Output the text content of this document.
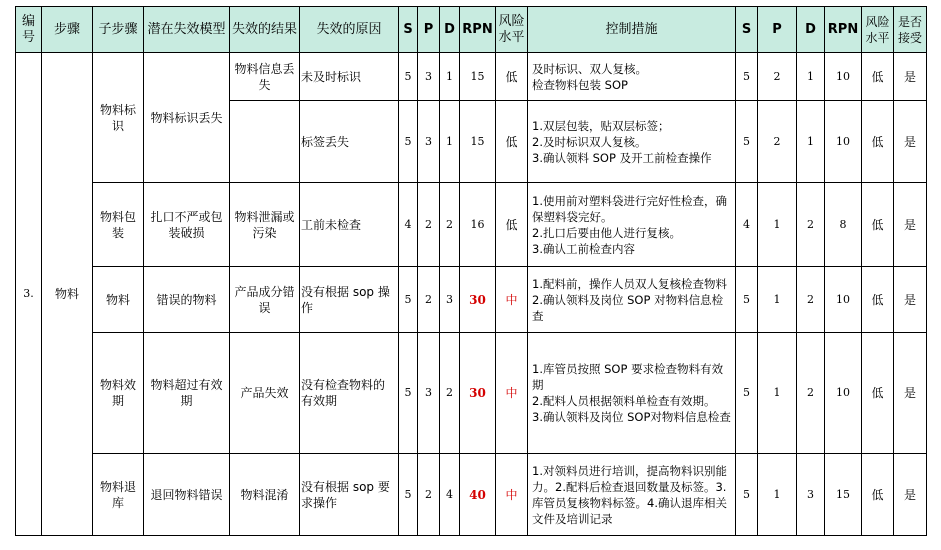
编号	步骤	子步骤	潜在失效模型	失效的结果	失效的原因	S	P	D	RPN	风险水平	控制措施	S	P	D	RPN	风险水平	是否接受
3.	物料	物料标识	物料标识丢失	物料信息丢失	未及时标识	5	3	1	15	低	及时标识、双人复核。
检查物料包装 SOP	5	2	1	10	低	是
					标签丢失	5	3	1	15	低	1.双层包装，贴双层标签；
2.及时标识双人复核。
3.确认领料 SOP 及开工前检查操作	5	2	1	10	低	是
		物料包装	扎口不严或包装破损	物料泄漏或污染	工前未检查	4	2	2	16	低	1.使用前对塑料袋进行完好性检查，确保塑料袋完好。
2.扎口后要由他人进行复核。
3.确认工前检查内容	4	1	2	8	低	是
		物料	错误的物料	产品成分错误	没有根据 sop 操作	5	2	3	30	中	1.配料前，操作人员双人复核检查物料 2.确认领料及岗位 SOP 对物料信息检查	5	1	2	10	低	是
		物料效期	物料超过有效期	产品失效	没有检查物料的有效期	5	3	2	30	中	1.库管员按照 SOP 要求检查物料有效期
2.配料人员根据领料单检查有效期。
3.确认领料及岗位 SOP对物料信息检查	5	1	2	10	低	是
		物料退库	退回物料错误	物料混淆	没有根据 sop 要求操作	5	2	4	40	中	1.对领料员进行培训，提高物料识别能力。2.配料后检查退回数量及标签。3.库管员复核物料标签。4.确认退库相关文件及培训记录	5	1	3	15	低	是
